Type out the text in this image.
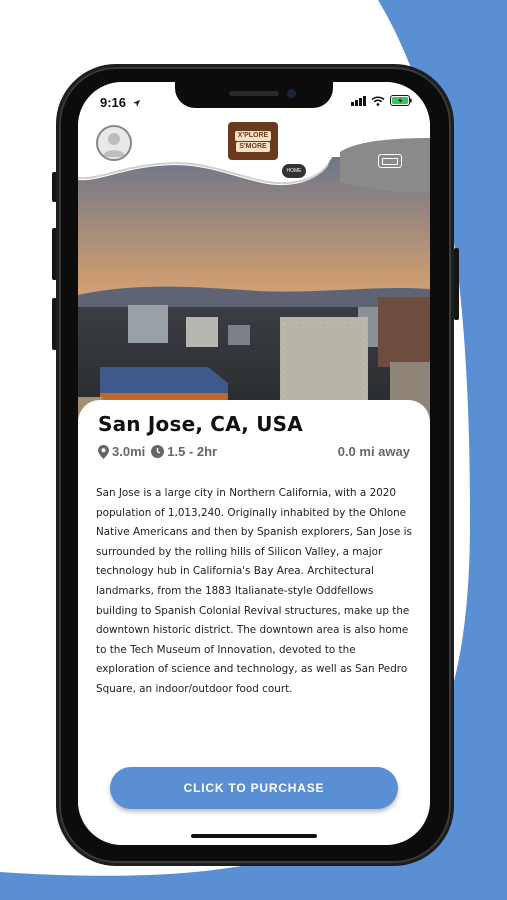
9:16
X'PLORE
S'MORE
HOME
San Jose, CA, USA
3.0mi 1.5 - 2hr	0.0 mi away
San Jose is a large city in Northern California, with a 2020 population of 1,013,240. Originally inhabited by the Ohlone Native Americans and then by Spanish explorers, San Jose is surrounded by the rolling hills of Silicon Valley, a major technology hub in California's Bay Area. Architectural landmarks, from the 1883 Italianate-style Oddfellows building to Spanish Colonial Revival structures, make up the downtown historic district. The downtown area is also home to the Tech Museum of Innovation, devoted to the exploration of science and technology, as well as San Pedro Square, an indoor/outdoor food court.
CLICK TO PURCHASE
